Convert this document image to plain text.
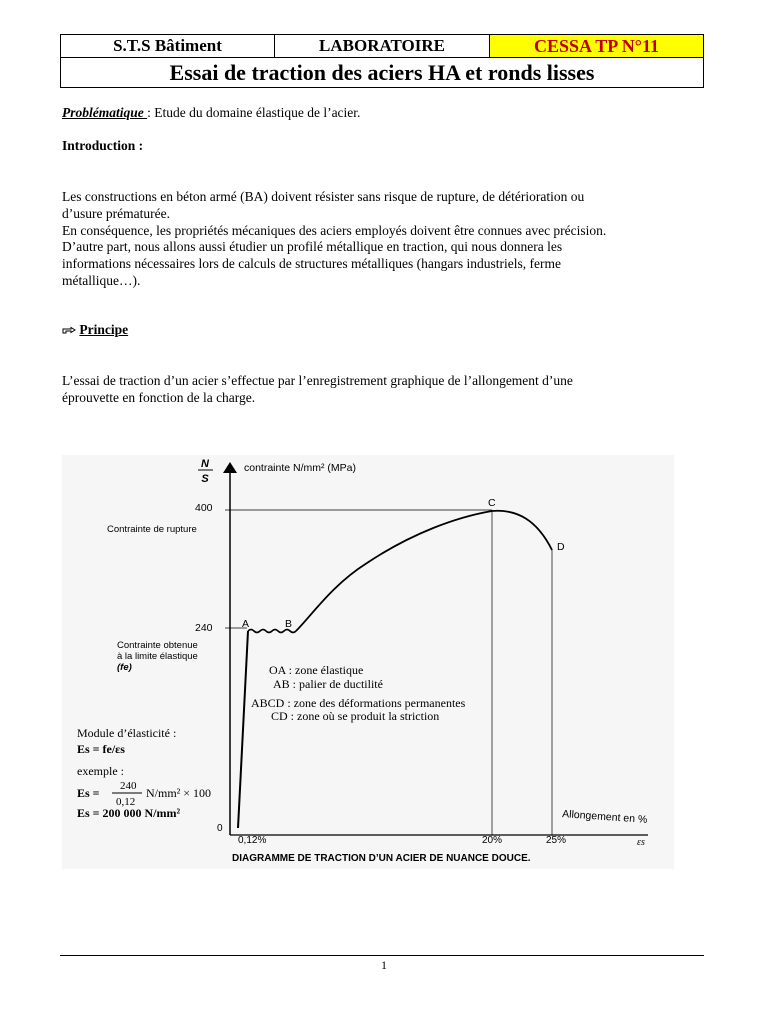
S.T.S Bâtiment	LABORATOIRE	CESSA TP N°11
Essai de traction des aciers HA et ronds lisses
Problématique : Etude du domaine élastique de l’acier.
Introduction :
Les constructions en béton armé (BA) doivent résister sans risque de rupture, de détérioration ou
d’usure prématurée.
En conséquence, les propriétés mécaniques des aciers employés doivent être connues avec précision.
D’autre part, nous allons aussi étudier un profilé métallique en traction, qui nous donnera les
informations nécessaires lors de calculs de structures métalliques (hangars industriels, ferme
métallique…).
Principe
L’essai de traction d’un acier s’effectue par l’enregistrement graphique de l’allongement d’une
éprouvette en fonction de la charge.
N
S
contrainte N/mm² (MPa)
400
Contrainte de rupture
240
Contrainte obtenue
à la limite élastique
(fe)
0
A	B
C
D
OA : zone élastique
AB : palier de ductilité
ABCD : zone des déformations permanentes
CD : zone où se produit la striction
Module d’élasticité :
Es = fe/εs
exemple :
Es = 240
0,12
N/mm² × 100
Es = 200 000 N/mm²	Allongement en %
0,12%	20%	25%	εs
DIAGRAMME DE TRACTION D’UN ACIER DE NUANCE DOUCE.
1
